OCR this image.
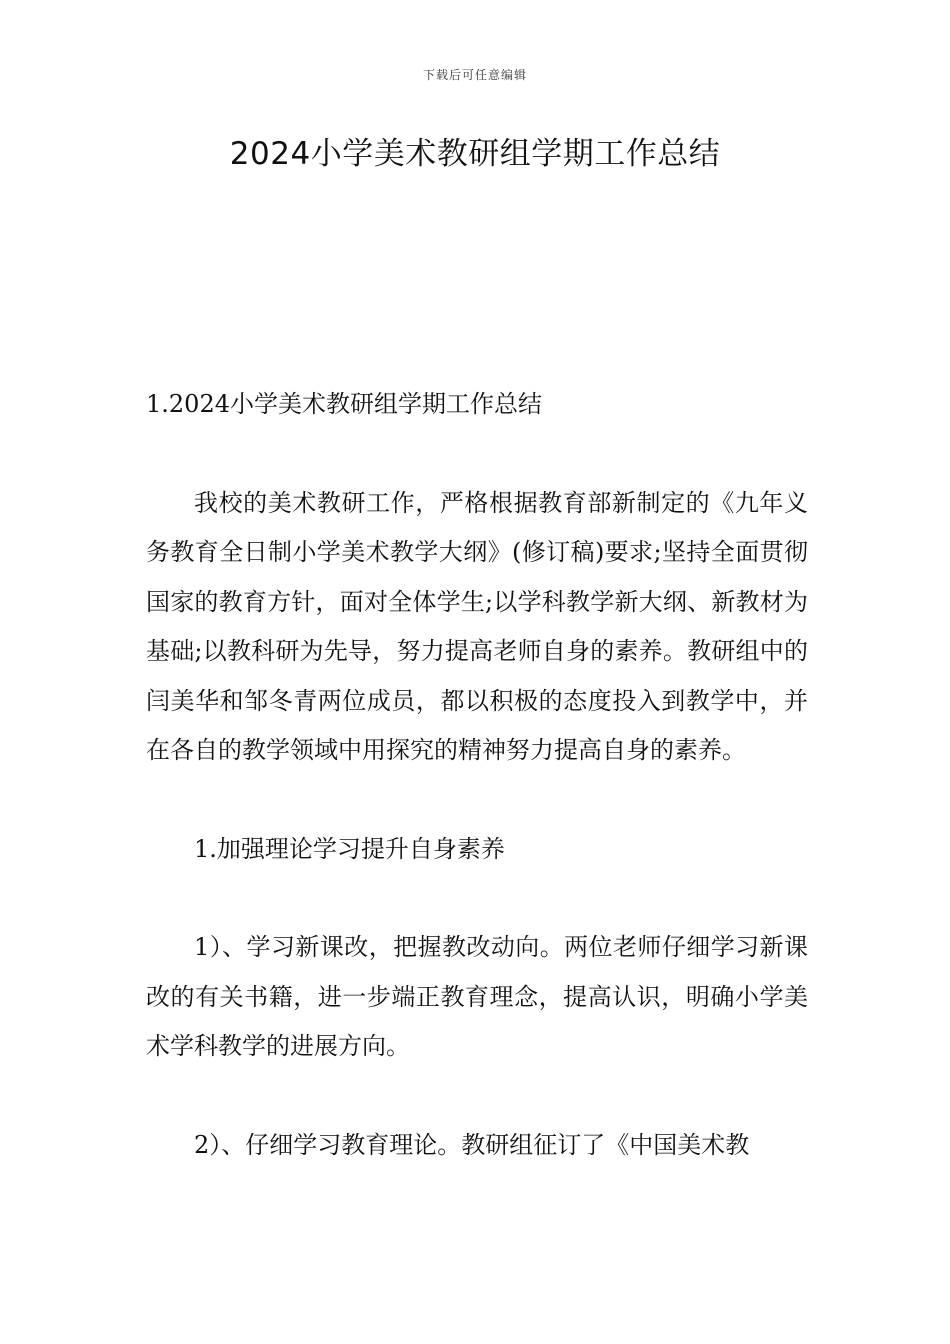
下载后可任意编辑
2024小学美术教研组学期工作总结

1.2024小学美术教研组学期工作总结

我校的美术教研工作，严格根据教育部新制定的《九年义务教育全日制小学美术教学大纲》(修订稿)要求;坚持全面贯彻国家的教育方针，面对全体学生;以学科教学新大纲、新教材为基础;以教科研为先导，努力提高老师自身的素养。教研组中的闫美华和邹冬青两位成员，都以积极的态度投入到教学中，并在各自的教学领域中用探究的精神努力提高自身的素养。

1.加强理论学习提升自身素养

1）、学习新课改，把握教改动向。两位老师仔细学习新课改的有关书籍，进一步端正教育理念，提高认识，明确小学美术学科教学的进展方向。

2）、仔细学习教育理论。教研组征订了《中国美术教
